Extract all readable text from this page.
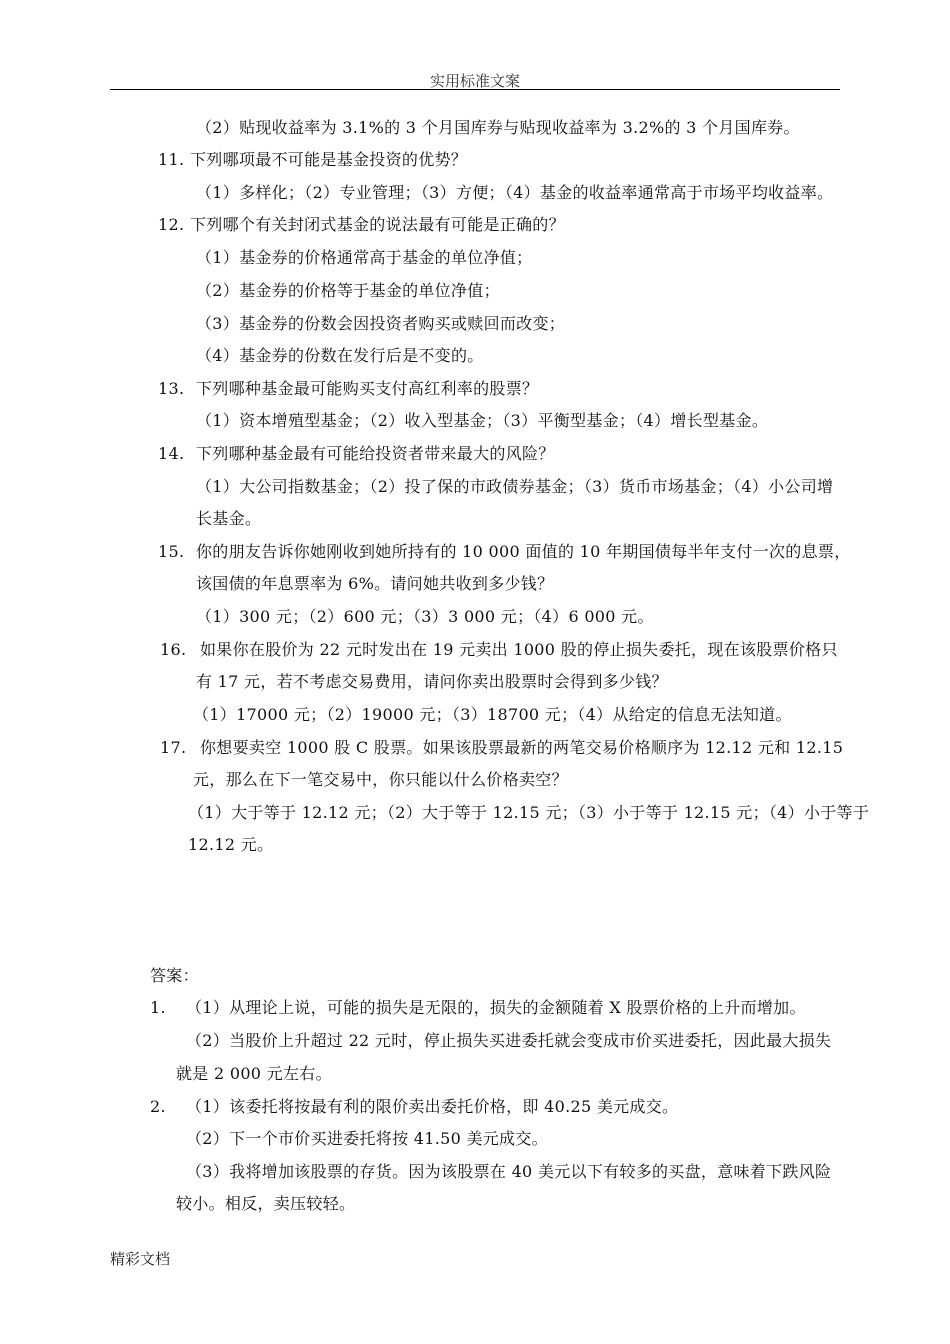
实用标准文案
（2）贴现收益率为 3.1%的 3 个月国库券与贴现收益率为 3.2%的 3 个月国库券。
11. 下列哪项最不可能是基金投资的优势？
（1）多样化；（2）专业管理；（3）方便；（4）基金的收益率通常高于市场平均收益率。
12. 下列哪个有关封闭式基金的说法最有可能是正确的？
（1）基金券的价格通常高于基金的单位净值；
（2）基金券的价格等于基金的单位净值；
（3）基金券的份数会因投资者购买或赎回而改变；
（4）基金券的份数在发行后是不变的。
13. 下列哪种基金最可能购买支付高红利率的股票？
（1）资本增殖型基金；（2）收入型基金；（3）平衡型基金；（4）增长型基金。
14. 下列哪种基金最有可能给投资者带来最大的风险？
（1）大公司指数基金；（2）投了保的市政债券基金；（3）货币市场基金；（4）小公司增
长基金。
15. 你的朋友告诉你她刚收到她所持有的 10 000 面值的 10 年期国债每半年支付一次的息票，
该国债的年息票率为 6%。请问她共收到多少钱？
（1）300 元；（2）600 元；（3）3 000 元；（4）6 000 元。
16. 如果你在股价为 22 元时发出在 19 元卖出 1000 股的停止损失委托，现在该股票价格只
有 17 元，若不考虑交易费用，请问你卖出股票时会得到多少钱？
（1）17000 元；（2）19000 元；（3）18700 元；（4）从给定的信息无法知道。
17. 你想要卖空 1000 股 C 股票。如果该股票最新的两笔交易价格顺序为 12.12 元和 12.15
元，那么在下一笔交易中，你只能以什么价格卖空？
（1）大于等于 12.12 元；（2）大于等于 12.15 元；（3）小于等于 12.15 元；（4）小于等于
12.12 元。
答案：
1. （1）从理论上说，可能的损失是无限的，损失的金额随着 X 股票价格的上升而增加。
（2）当股价上升超过 22 元时，停止损失买进委托就会变成市价买进委托，因此最大损失
就是 2 000 元左右。
2. （1）该委托将按最有利的限价卖出委托价格，即 40.25 美元成交。
（2）下一个市价买进委托将按 41.50 美元成交。
（3）我将增加该股票的存货。因为该股票在 40 美元以下有较多的买盘，意味着下跌风险
较小。相反，卖压较轻。
精彩文档
